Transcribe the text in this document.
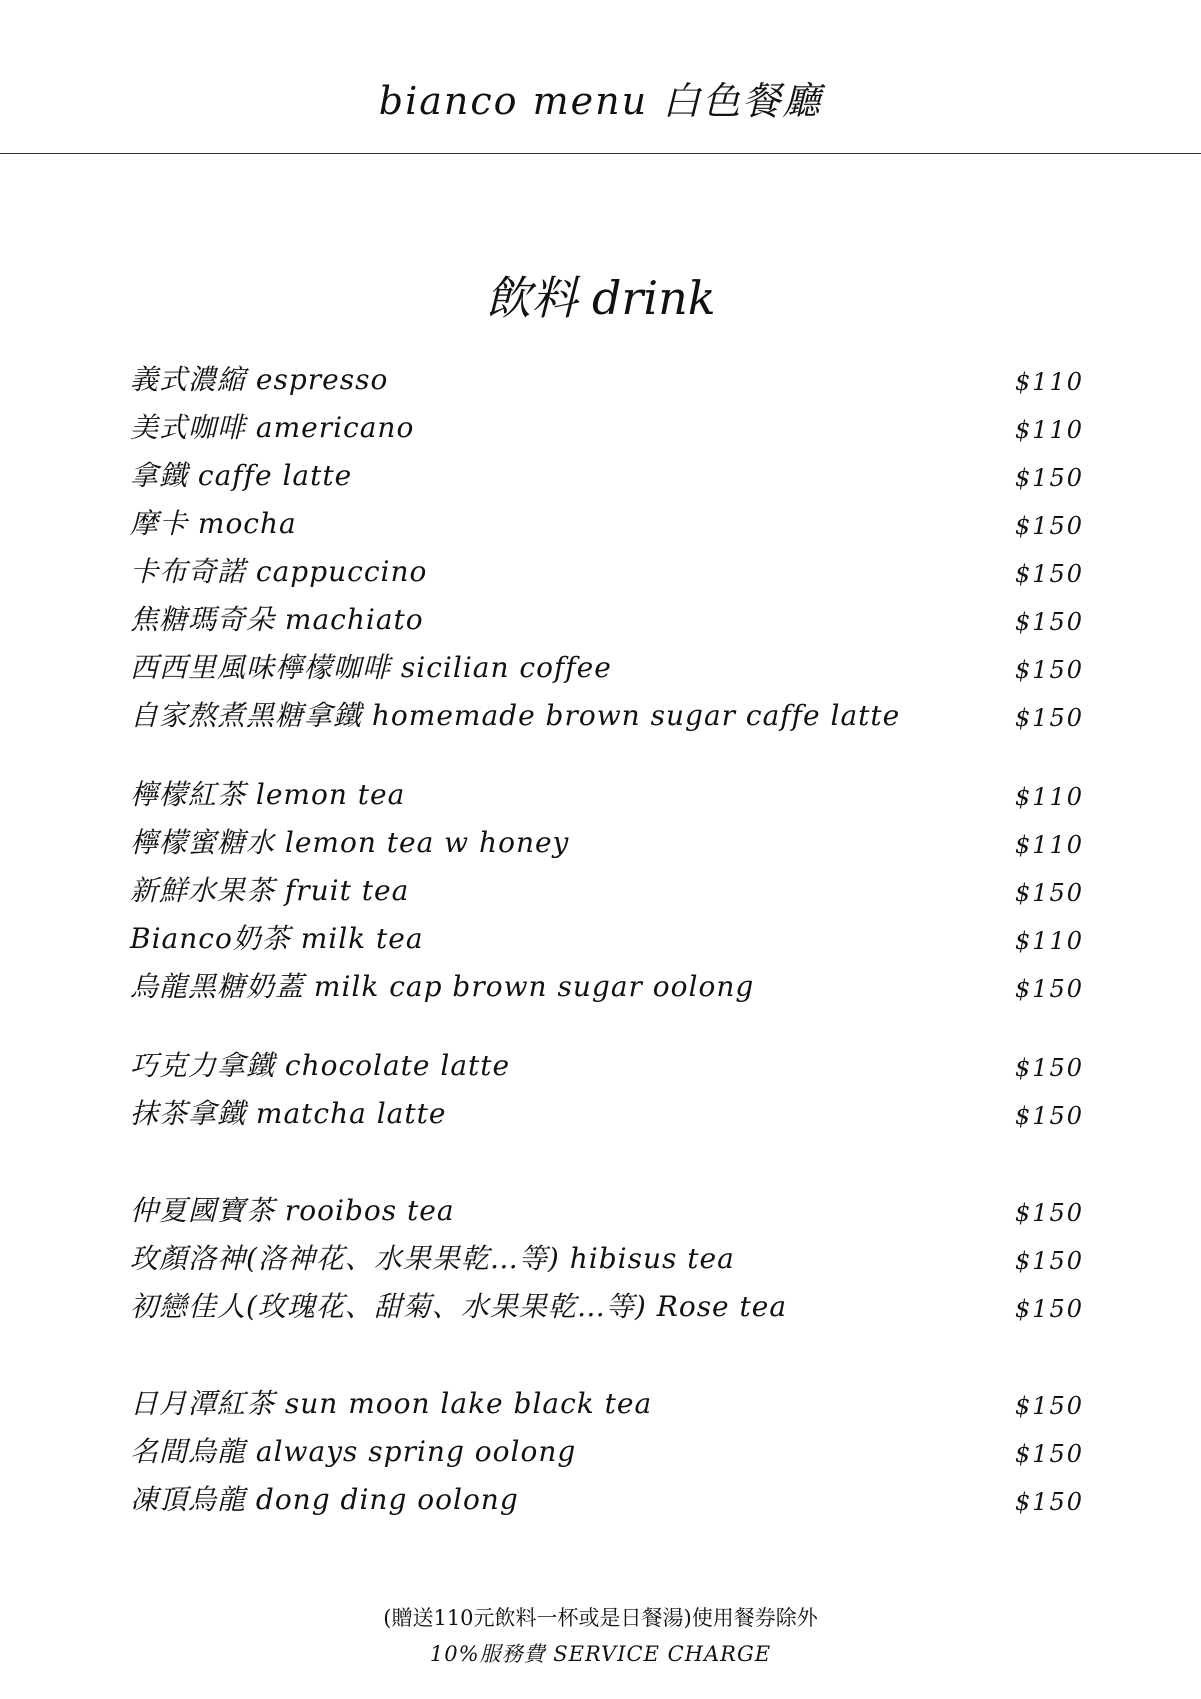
bianco menu 白色餐廳
飲料 drink
義式濃縮 espresso	$110
美式咖啡 americano	$110
拿鐵 caffe latte	$150
摩卡 mocha	$150
卡布奇諾 cappuccino	$150
焦糖瑪奇朵 machiato	$150
西西里風味檸檬咖啡 sicilian coffee	$150
自家熬煮黑糖拿鐵 homemade brown sugar caffe latte	$150
檸檬紅茶 lemon tea	$110
檸檬蜜糖水 lemon tea w honey	$110
新鮮水果茶 fruit tea	$150
Bianco奶茶 milk tea	$110
烏龍黑糖奶蓋 milk cap brown sugar oolong	$150
巧克力拿鐵 chocolate latte	$150
抹茶拿鐵 matcha latte	$150
仲夏國寶茶 rooibos tea	$150
玫顏洛神(洛神花、水果果乾…等) hibisus tea	$150
初戀佳人(玫瑰花、甜菊、水果果乾…等) Rose tea	$150
日月潭紅茶 sun moon lake black tea	$150
名間烏龍 always spring oolong	$150
凍頂烏龍 dong ding oolong	$150
(贈送110元飲料一杯或是日餐湯)使用餐券除外
10%服務費 SERVICE CHARGE
